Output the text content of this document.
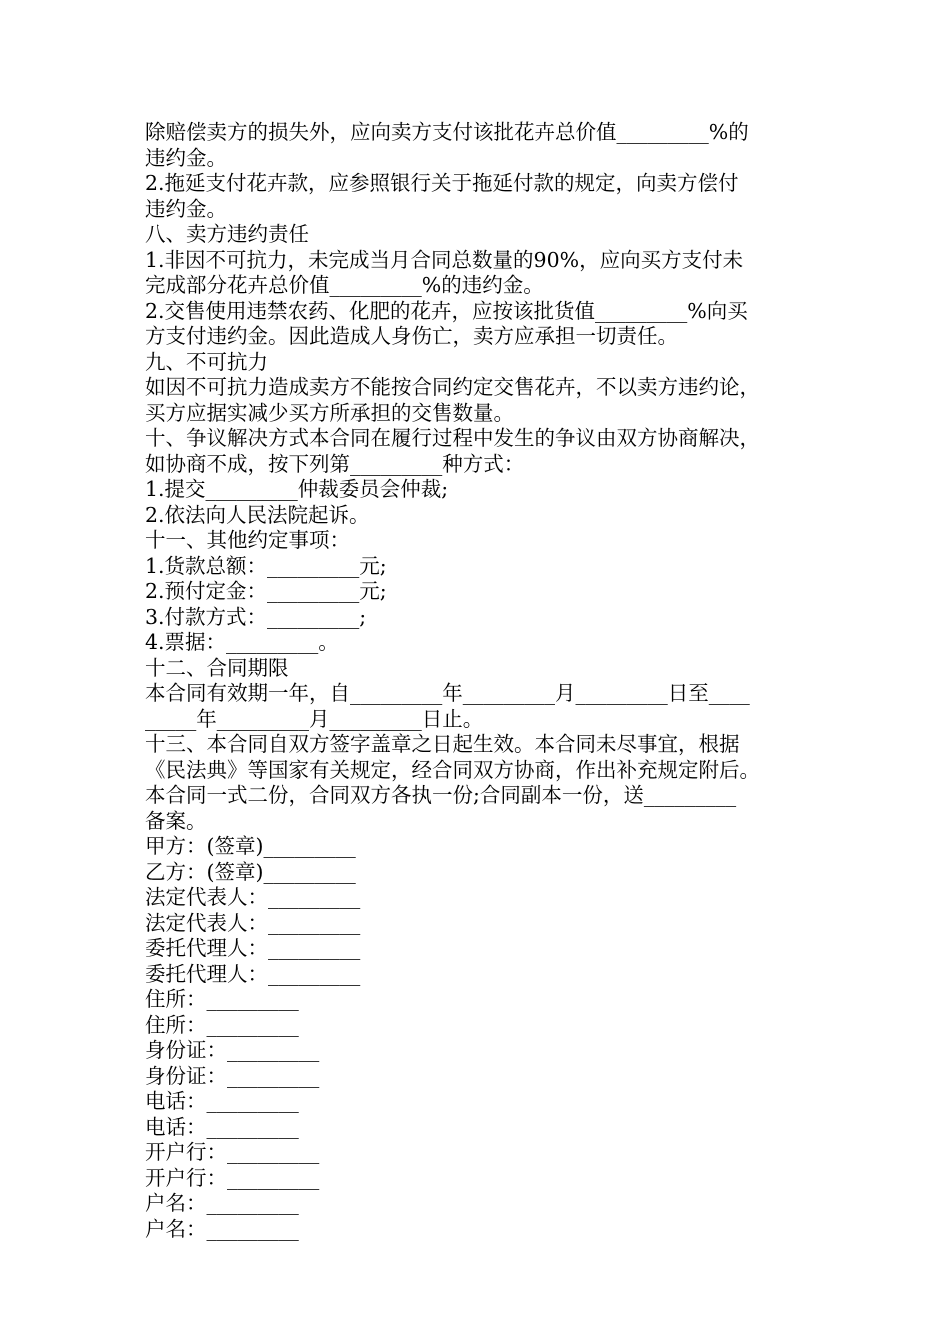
除赔偿卖方的损失外，应向卖方支付该批花卉总价值_________%的
违约金。
2.拖延支付花卉款，应参照银行关于拖延付款的规定，向卖方偿付
违约金。
八、卖方违约责任
1.非因不可抗力，未完成当月合同总数量的90%，应向买方支付未
完成部分花卉总价值_________%的违约金。
2.交售使用违禁农药、化肥的花卉，应按该批货值_________%向买
方支付违约金。因此造成人身伤亡，卖方应承担一切责任。
九、不可抗力
如因不可抗力造成卖方不能按合同约定交售花卉，不以卖方违约论，
买方应据实减少买方所承担的交售数量。
十、争议解决方式本合同在履行过程中发生的争议由双方协商解决，
如协商不成，按下列第_________种方式：
1.提交_________仲裁委员会仲裁;
2.依法向人民法院起诉。
十一、其他约定事项：
1.货款总额：_________元;
2.预付定金：_________元;
3.付款方式：_________;
4.票据：_________。
十二、合同期限
本合同有效期一年，自_________年_________月_________日至____
_____年_________月_________日止。
十三、本合同自双方签字盖章之日起生效。本合同未尽事宜，根据
《民法典》等国家有关规定，经合同双方协商，作出补充规定附后。
本合同一式二份，合同双方各执一份;合同副本一份，送_________
备案。
甲方：(签章)_________
乙方：(签章)_________
法定代表人：_________
法定代表人：_________
委托代理人：_________
委托代理人：_________
住所：_________
住所：_________
身份证：_________
身份证：_________
电话：_________
电话：_________
开户行：_________
开户行：_________
户名：_________
户名：_________
